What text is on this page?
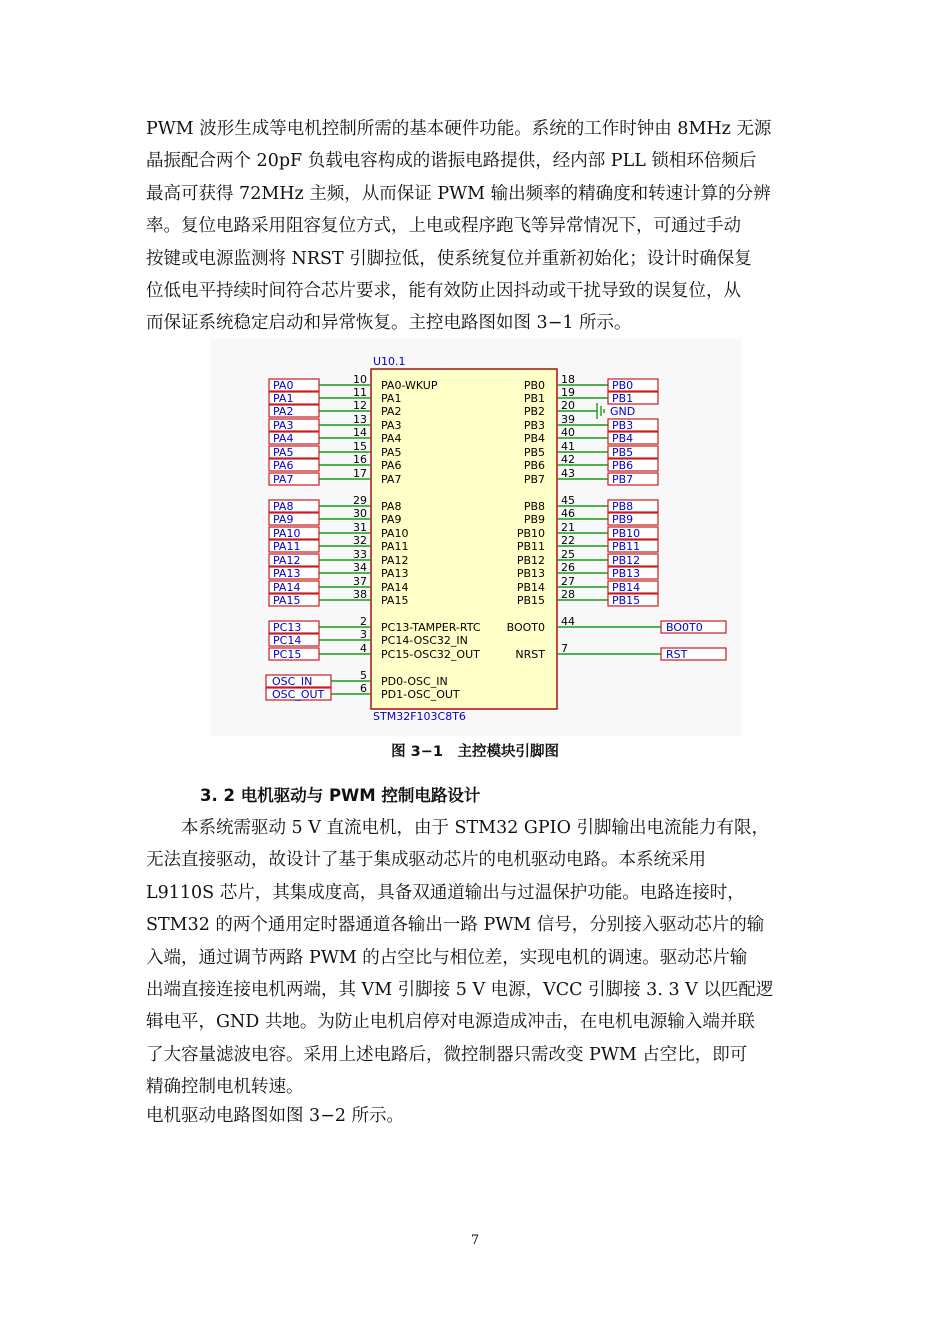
PWM 波形生成等电机控制所需的基本硬件功能。系统的工作时钟由 8MHz 无源
晶振配合两个 20pF 负载电容构成的谐振电路提供，经内部 PLL 锁相环倍频后
最高可获得 72MHz 主频，从而保证 PWM 输出频率的精确度和转速计算的分辨
率。复位电路采用阻容复位方式，上电或程序跑飞等异常情况下，可通过手动
按键或电源监测将 NRST 引脚拉低，使系统复位并重新初始化；设计时确保复
位低电平持续时间符合芯片要求，能有效防止因抖动或干扰导致的误复位，从
而保证系统稳定启动和异常恢复。主控电路图如图 3−1 所示。

U10.1
STM32F103C8T6
PA0	10 PA0-WKUP
PA1	11 PA1
PA2	12 PA2
PA3	13 PA3
PA4	14 PA4
PA5	15 PA5
PA6	16 PA6
PA7	17 PA7
PA8	29 PA8
PA9	30 PA9
PA10	31 PA10
PA11	32 PA11
PA12	33 PA12
PA13	34 PA13
PA14	37 PA14
PA15	38 PA15
PC13	2 PC13-TAMPER-RTC
PC14	3 PC14-OSC32_IN
PC15	4 PC15-OSC32_OUT
OSC_IN	5 PD0-OSC_IN
OSC_OUT	6 PD1-OSC_OUT
PB0 18	PB0
PB1 19	PB1
PB2 20	GND
PB3 39	PB3
PB4 40	PB4
PB5 41	PB5
PB6 42	PB6
PB7 43	PB7
PB8 45	PB8
PB9 46	PB9
PB10 21	PB10
PB11 22	PB11
PB12 25	PB12
PB13 26	PB13
PB14 27	PB14
PB15 28	PB15
BOOT0 44	BO0T0
NRST 7	RST
图 3−1　主控模块引脚图
3. 2 电机驱动与 PWM 控制电路设计

本系统需驱动 5 V 直流电机，由于 STM32 GPIO 引脚输出电流能力有限，
无法直接驱动，故设计了基于集成驱动芯片的电机驱动电路。本系统采用
L9110S 芯片，其集成度高，具备双通道输出与过温保护功能。电路连接时，
STM32 的两个通用定时器通道各输出一路 PWM 信号，分别接入驱动芯片的输
入端，通过调节两路 PWM 的占空比与相位差，实现电机的调速。驱动芯片输
出端直接连接电机两端，其 VM 引脚接 5 V 电源，VCC 引脚接 3. 3 V 以匹配逻
辑电平，GND 共地。为防止电机启停对电源造成冲击，在电机电源输入端并联
了大容量滤波电容。采用上述电路后，微控制器只需改变 PWM 占空比，即可
精确控制电机转速。

电机驱动电路图如图 3−2 所示。

7
